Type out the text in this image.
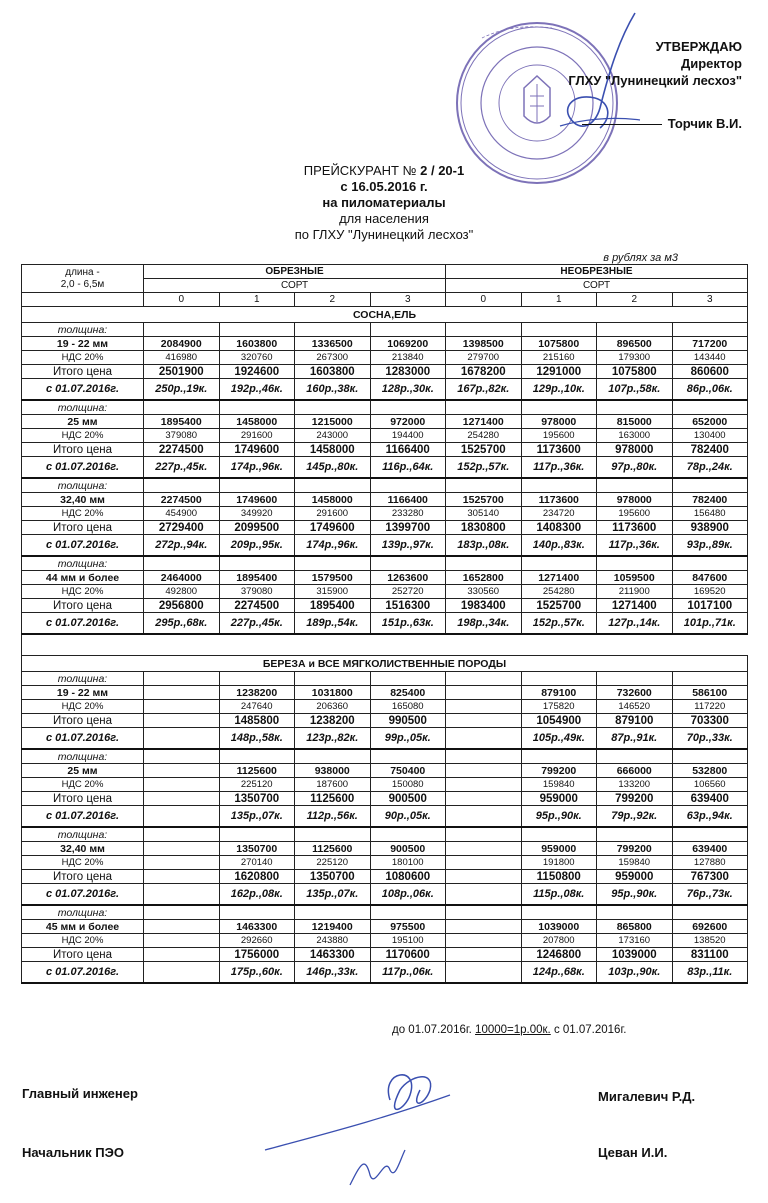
УТВЕРЖДАЮ
Директор
ГЛХУ "Лунинецкий лесхоз"
Торчик В.И.
ПРЕЙСКУРАНТ № 2 / 20-1
с 16.05.2016 г.
на пиломатериалы
для населения
по ГЛХУ "Лунинецкий лесхоз"
в рублях за м3
длина -
2,0 - 6,5м	ОБРЕЗНЫЕ				НЕОБРЕЗНЫЕ			
	СОРТ				СОРТ			
	0	1	2	3	0	1	2	3
СОСНА,ЕЛЬ								
толщина:								
19 - 22 мм	2084900	1603800	1336500	1069200	1398500	1075800	896500	717200
НДС 20%	416980	320760	267300	213840	279700	215160	179300	143440
Итого цена	2501900	1924600	1603800	1283000	1678200	1291000	1075800	860600
с 01.07.2016г.	250р.,19к.	192р.,46к.	160р.,38к.	128р.,30к.	167р.,82к.	129р.,10к.	107р.,58к.	86р.,06к.
толщина:								
25 мм	1895400	1458000	1215000	972000	1271400	978000	815000	652000
НДС 20%	379080	291600	243000	194400	254280	195600	163000	130400
Итого цена	2274500	1749600	1458000	1166400	1525700	1173600	978000	782400
с 01.07.2016г.	227р.,45к.	174р.,96к.	145р.,80к.	116р.,64к.	152р.,57к.	117р.,36к.	97р.,80к.	78р.,24к.
толщина:								
32,40 мм	2274500	1749600	1458000	1166400	1525700	1173600	978000	782400
НДС 20%	454900	349920	291600	233280	305140	234720	195600	156480
Итого цена	2729400	2099500	1749600	1399700	1830800	1408300	1173600	938900
с 01.07.2016г.	272р.,94к.	209р.,95к.	174р.,96к.	139р.,97к.	183р.,08к.	140р.,83к.	117р.,36к.	93р.,89к.
толщина:								
44 мм и более	2464000	1895400	1579500	1263600	1652800	1271400	1059500	847600
НДС 20%	492800	379080	315900	252720	330560	254280	211900	169520
Итого цена	2956800	2274500	1895400	1516300	1983400	1525700	1271400	1017100
с 01.07.2016г.	295р.,68к.	227р.,45к.	189р.,54к.	151р.,63к.	198р.,34к.	152р.,57к.	127р.,14к.	101р.,71к.

БЕРЕЗА и ВСЕ МЯГКОЛИСТВЕННЫЕ ПОРОДЫ								
толщина:								
19 - 22 мм		1238200	1031800	825400		879100	732600	586100
НДС 20%		247640	206360	165080		175820	146520	117220
Итого цена		1485800	1238200	990500		1054900	879100	703300
с 01.07.2016г.		148р.,58к.	123р.,82к.	99р.,05к.		105р.,49к.	87р.,91к.	70р.,33к.
толщина:								
25 мм		1125600	938000	750400		799200	666000	532800
НДС 20%		225120	187600	150080		159840	133200	106560
Итого цена		1350700	1125600	900500		959000	799200	639400
с 01.07.2016г.		135р.,07к.	112р.,56к.	90р.,05к.		95р.,90к.	79р.,92к.	63р.,94к.
толщина:								
32,40 мм		1350700	1125600	900500		959000	799200	639400
НДС 20%		270140	225120	180100		191800	159840	127880
Итого цена		1620800	1350700	1080600		1150800	959000	767300
с 01.07.2016г.		162р.,08к.	135р.,07к.	108р.,06к.		115р.,08к.	95р.,90к.	76р.,73к.
толщина:								
45 мм и более		1463300	1219400	975500		1039000	865800	692600
НДС 20%		292660	243880	195100		207800	173160	138520
Итого цена		1756000	1463300	1170600		1246800	1039000	831100
с 01.07.2016г.		175р.,60к.	146р.,33к.	117р.,06к.		124р.,68к.	103р.,90к.	83р.,11к.
до 01.07.2016г. 10000=1р.00к. с 01.07.2016г.
Главный инженер	Мигалевич Р.Д.
Начальник ПЭО	Цеван И.И.
